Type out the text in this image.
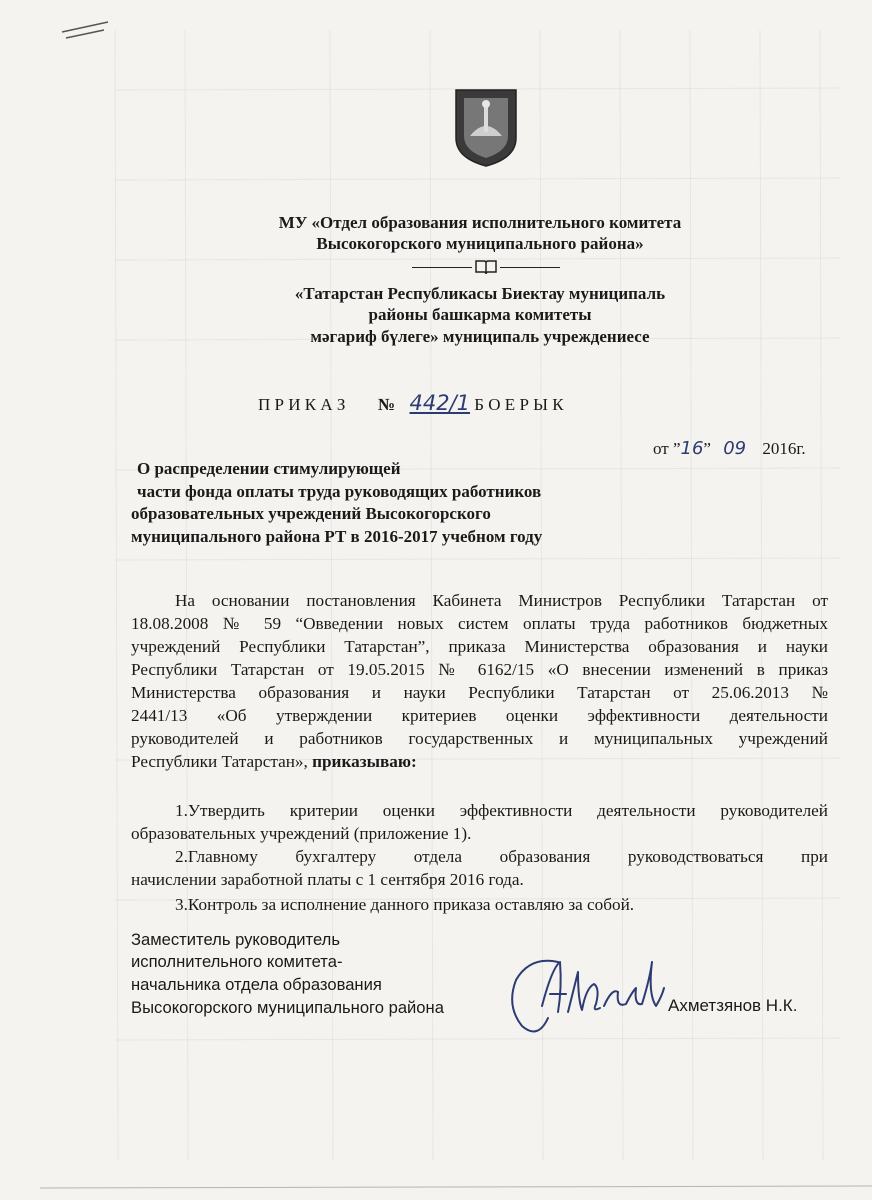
МУ «Отдел образования исполнительного комитета

Высокогорского муниципального района»

«Татарстан Республикасы Биектау муниципаль

районы башкарма комитеты

мәгариф бүлеге» муниципаль учреждениесе

П Р И К А З № 442/1 Б О Е Р Ы К
от ”16” 09 2016г.

О распределении стимулирующей

части фонда оплаты труда руководящих работников

образовательных учреждений Высокогорского

муниципального района РТ в 2016-2017 учебном году

На основании постановления Кабинета Министров Республики Татарстан от

18.08.2008 № 59 “Овведении новых систем оплаты труда работников бюджетных

учреждений Республики Татарстан”, приказа Министерства образования и науки

Республики Татарстан от 19.05.2015 № 6162/15 «О внесении изменений в приказ

Министерства образования и науки Республики Татарстан от 25.06.2013 №

2441/13 «Об утверждении критериев оценки эффективности деятельности

руководителей и работников государственных и муниципальных учреждений

Республики Татарстан», приказываю:

1.Утвердить критерии оценки эффективности деятельности руководителей

образовательных учреждений (приложение 1).

2.Главному бухгалтеру отдела образования руководствоваться при

начислении заработной платы с 1 сентября 2016 года.

3.Контроль за исполнение данного приказа оставляю за собой.

Заместитель руководитель

исполнительного комитета-

начальника отдела образования

Высокогорского муниципального района	Ахметзянов Н.К.
